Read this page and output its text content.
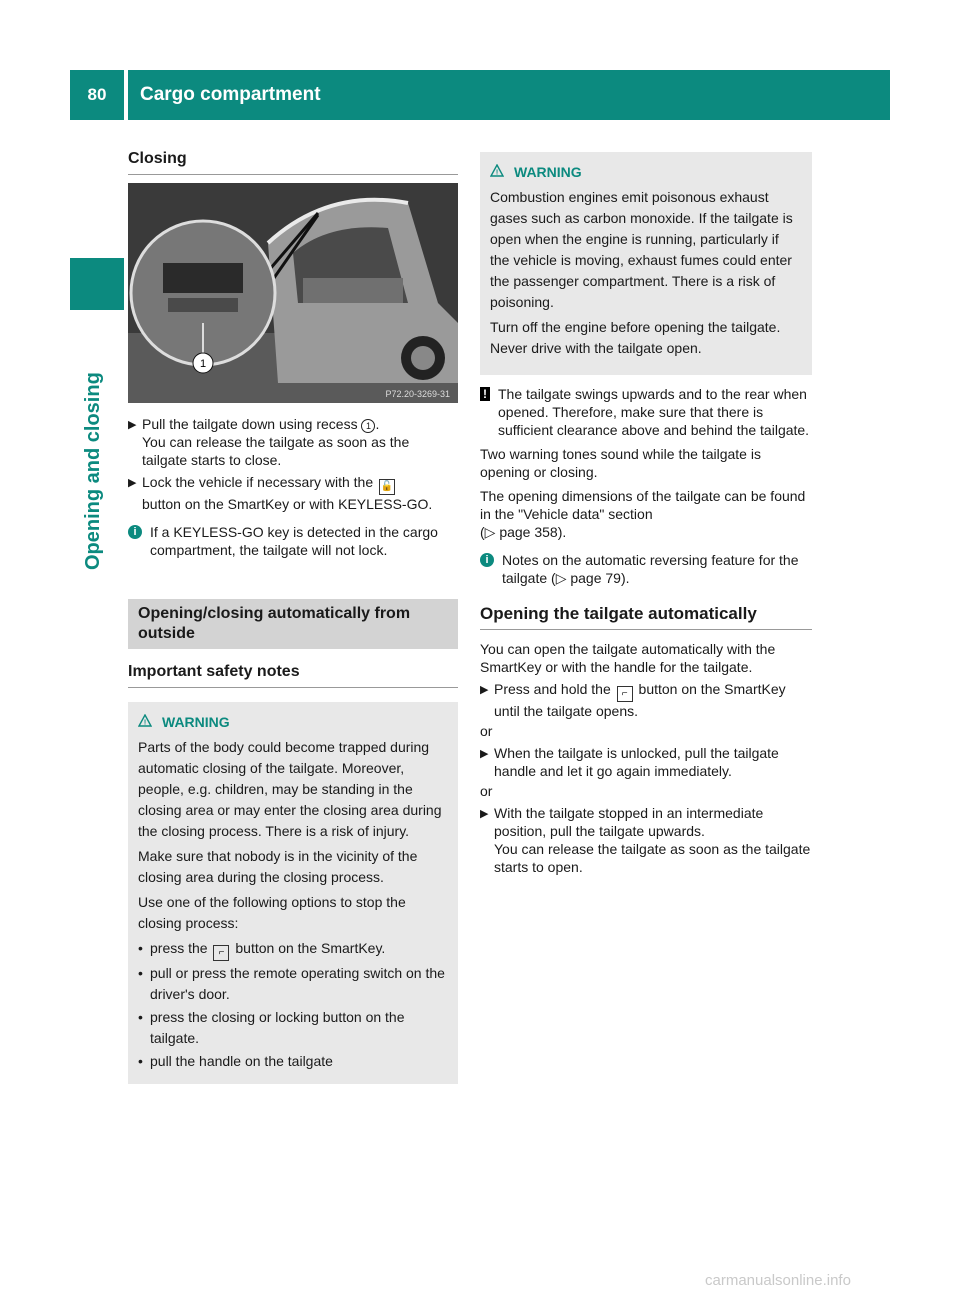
80	Cargo compartment
Opening and closing
Closing
1
P72.20-3269-31
▶ Pull the tailgate down using recess 1 .
You can release the tailgate as soon as the tailgate starts to close.
▶ Lock the vehicle if necessary with the 🔓
button on the SmartKey or with KEYLESS-GO.
i If a KEYLESS-GO key is detected in the cargo compartment, the tailgate will not lock.
Opening/closing automatically from outside
Important safety notes
! WARNING

Parts of the body could become trapped during automatic closing of the tailgate. Moreover, people, e.g. children, may be standing in the closing area or may enter the closing area during the closing process. There is a risk of injury.

Make sure that nobody is in the vicinity of the closing area during the closing process.

Use one of the following options to stop the closing process:

• press the ⌐ button on the SmartKey.
• pull or press the remote operating switch on the driver's door.
• press the closing or locking button on the tailgate.
• pull the handle on the tailgate
! WARNING

Combustion engines emit poisonous exhaust gases such as carbon monoxide. If the tailgate is open when the engine is running, particularly if the vehicle is moving, exhaust fumes could enter the passenger compartment. There is a risk of poisoning.

Turn off the engine before opening the tailgate. Never drive with the tailgate open.

! The tailgate swings upwards and to the rear when opened. Therefore, make sure that there is sufficient clearance above and behind the tailgate.
Two warning tones sound while the tailgate is opening or closing.
The opening dimensions of the tailgate can be found in the "Vehicle data" section
(▷ page 358).
i Notes on the automatic reversing feature for the tailgate (▷ page 79).
Opening the tailgate automatically
You can open the tailgate automatically with the SmartKey or with the handle for the tailgate.
▶ Press and hold the ⌐ button on the SmartKey until the tailgate opens.
or
▶ When the tailgate is unlocked, pull the tailgate handle and let it go again immediately.
or
▶ With the tailgate stopped in an intermediate position, pull the tailgate upwards.
You can release the tailgate as soon as the tailgate starts to open.
carmanualsonline.info
